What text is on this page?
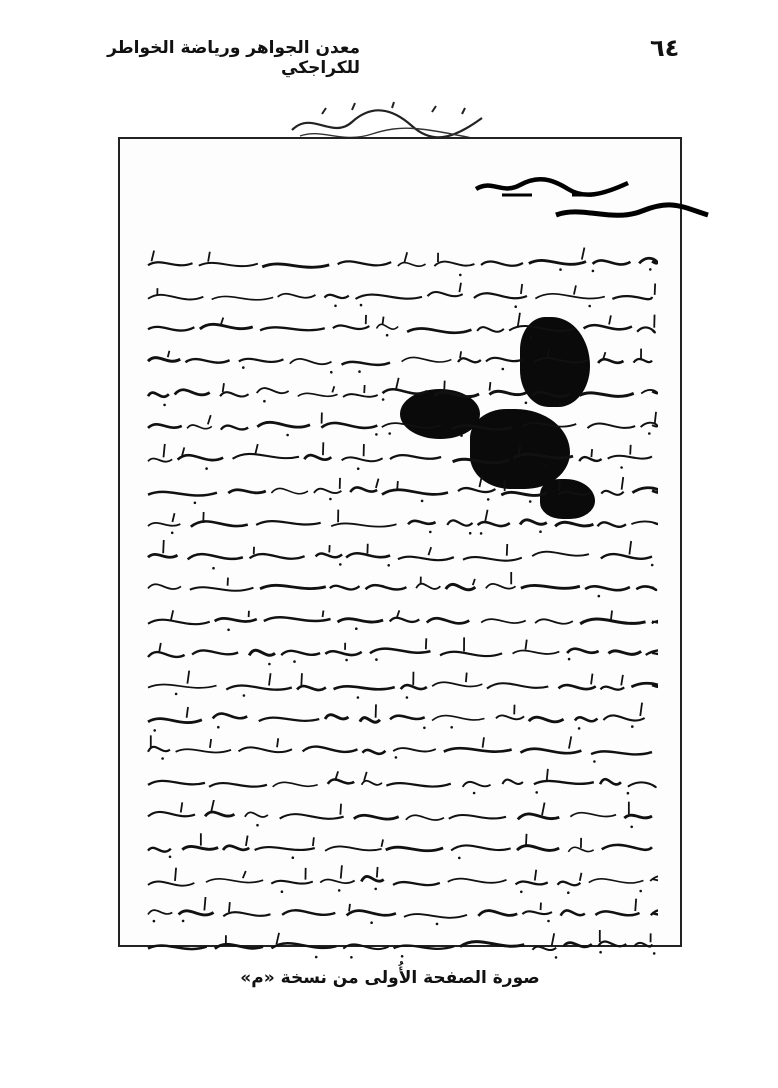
٦٤
معدن الجواهر ورياضة الخواطر للكراجكي
صورة الصفحة الأُولى من نسخة «م»
